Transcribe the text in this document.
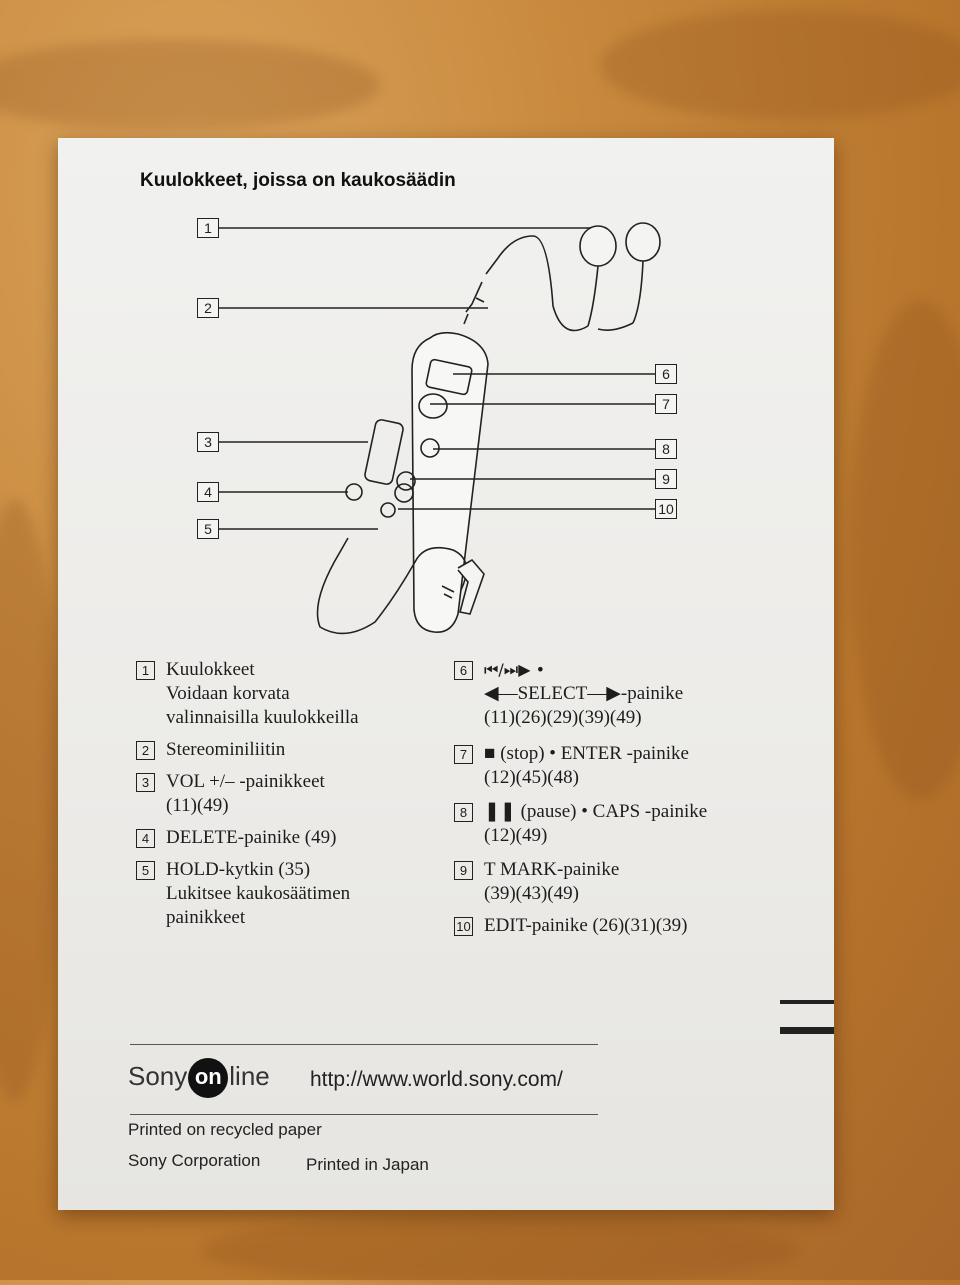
Kuulokkeet, joissa on kaukosäädin
1
2
3
4
5
6
7
8
9
10
1 Kuulokkeet
Voidaan korvata
valinnaisilla kuulokkeilla
2 Stereominiliitin
3 VOL +/– -painikkeet
(11)(49)
4 DELETE-painike (49)
5 HOLD-kytkin (35)
Lukitsee kaukosäätimen
painikkeet
6	⏮/⏭▶ •
◀—SELECT—▶-painike
(11)(26)(29)(39)(49)
7 ■ (stop) • ENTER -painike
(12)(45)(48)
8 ❚❚ (pause) • CAPS -painike
(12)(49)
9 T MARK-painike
(39)(43)(49)
10 EDIT-painike (26)(31)(39)
Sony on line http://www.world.sony.com/
Printed on recycled paper
Sony Corporation	Printed in Japan
